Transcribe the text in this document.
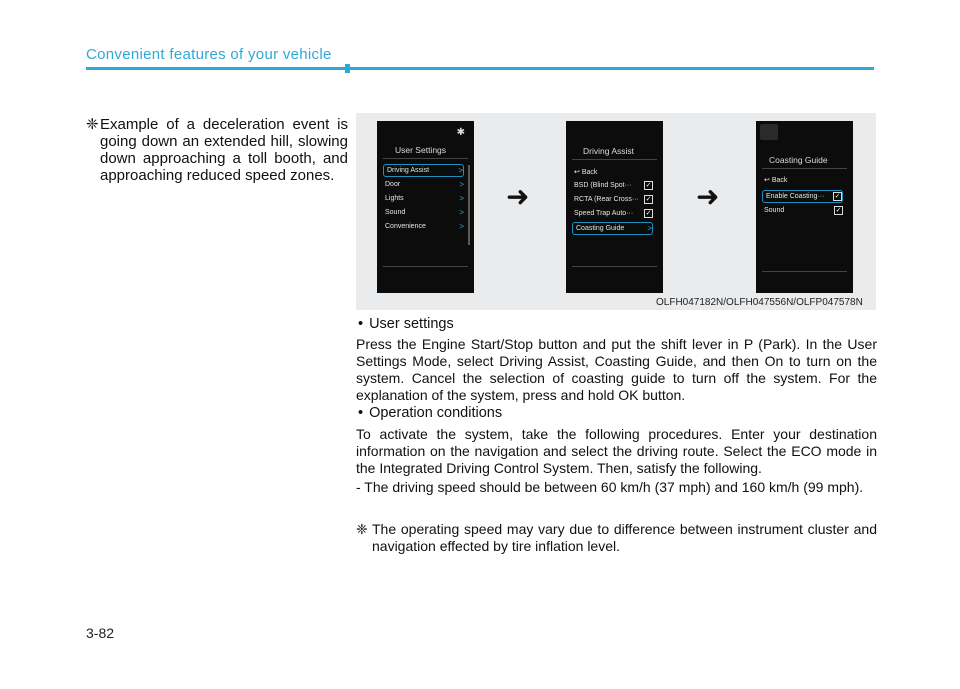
Convenient features of your vehicle
❈ Example of a deceleration event is going down an extended hill, slowing down approaching a toll booth, and approaching reduced speed zones.
✱
User Settings
Driving Assist	>
Door	>
Lights	>
Sound	>
Convenience	>
➜
Driving Assist
↩ Back
BSD (Blind Spot··· ✓
RCTA (Rear Cross··· ✓
Speed Trap Auto··· ✓
Coasting Guide	>
➜
Coasting Guide
↩ Back
Enable Coasting··· ✓
Sound	✓
OLFH047182N/OLFH047556N/OLFP047578N
• User settings
Press the Engine Start/Stop button and put the shift lever in P (Park). In the User Settings Mode, select Driving Assist, Coasting Guide, and then On to turn on the system. Cancel the selection of coasting guide to turn off the system. For the explanation of the system, press and hold OK button.
• Operation conditions
To activate the system, take the following procedures. Enter your destination information on the navigation and select the driving route. Select the ECO mode in the Integrated Driving Control System. Then, satisfy the following.
- The driving speed should be between 60 km/h (37 mph) and 160 km/h (99 mph).
❈ The operating speed may vary due to difference between instrument cluster and navigation effected by tire inflation level.
3-82
